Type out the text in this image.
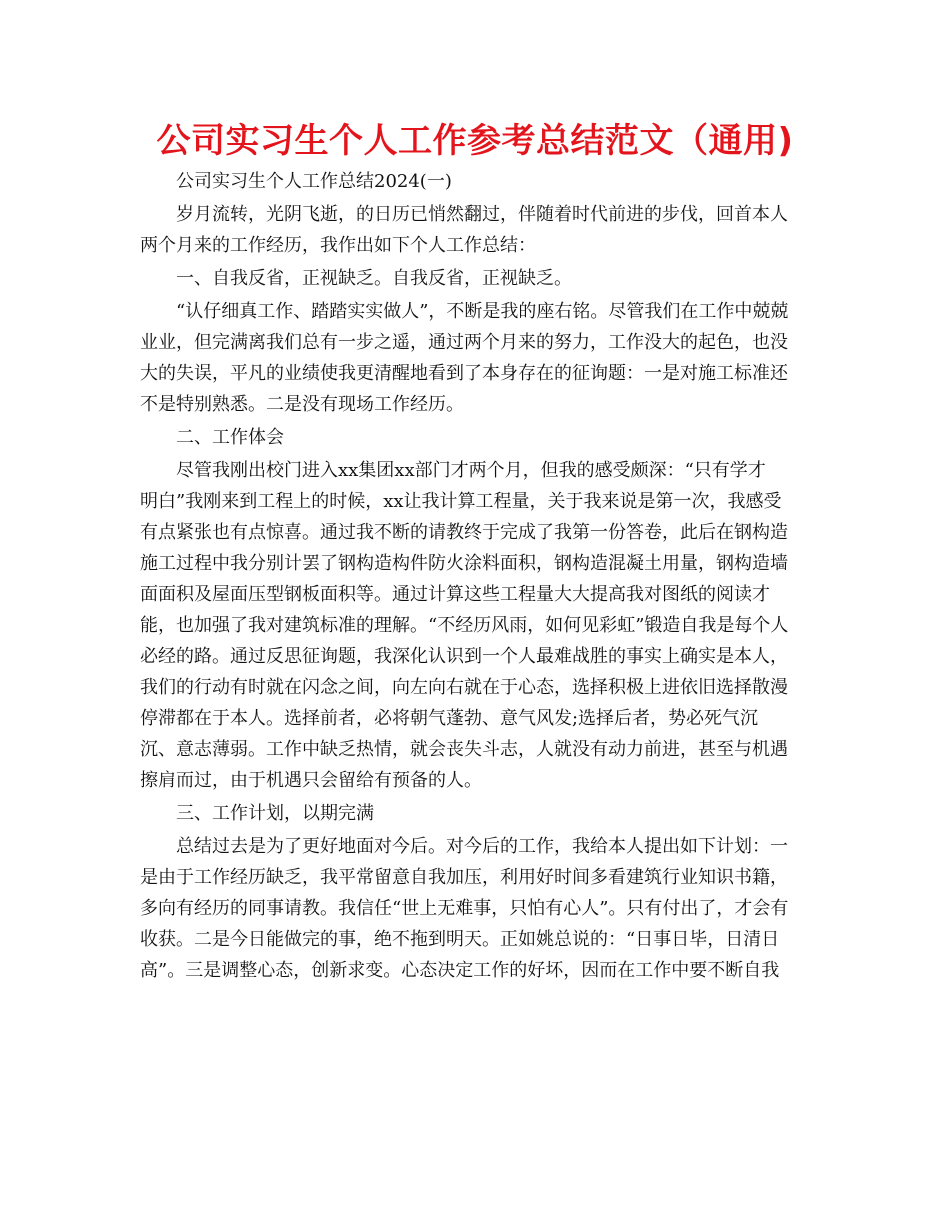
公司实习生个人工作参考总结范文（通用)
公司实习生个人工作总结2024(一)
岁月流转，光阴飞逝，的日历已悄然翻过，伴随着时代前进的步伐，回首本人
两个月来的工作经历，我作出如下个人工作总结：
一、自我反省，正视缺乏。自我反省，正视缺乏。
“认仔细真工作、踏踏实实做人”，不断是我的座右铭。尽管我们在工作中兢兢
业业，但完满离我们总有一步之遥，通过两个月来的努力，工作没大的起色，也没
大的失误，平凡的业绩使我更清醒地看到了本身存在的征询题：一是对施工标准还
不是特别熟悉。二是没有现场工作经历。
二、工作体会
尽管我刚出校门进入xx集团xx部门才两个月，但我的感受颇深：“只有学才
明白”我刚来到工程上的时候，xx让我计算工程量，关于我来说是第一次，我感受
有点紧张也有点惊喜。通过我不断的请教终于完成了我第一份答卷，此后在钢构造
施工过程中我分别计罢了钢构造构件防火涂料面积，钢构造混凝土用量，钢构造墙
面面积及屋面压型钢板面积等。通过计算这些工程量大大提高我对图纸的阅读才
能，也加强了我对建筑标准的理解。“不经历风雨，如何见彩虹”锻造自我是每个人
必经的路。通过反思征询题，我深化认识到一个人最难战胜的事实上确实是本人，
我们的行动有时就在闪念之间，向左向右就在于心态，选择积极上进依旧选择散漫
停滞都在于本人。选择前者，必将朝气蓬勃、意气风发;选择后者，势必死气沉
沉、意志薄弱。工作中缺乏热情，就会丧失斗志，人就没有动力前进，甚至与机遇
擦肩而过，由于机遇只会留给有预备的人。
三、工作计划，以期完满
总结过去是为了更好地面对今后。对今后的工作，我给本人提出如下计划：一
是由于工作经历缺乏，我平常留意自我加压，利用好时间多看建筑行业知识书籍，
多向有经历的同事请教。我信任“世上无难事，只怕有心人”。只有付出了，才会有
收获。二是今日能做完的事，绝不拖到明天。正如姚总说的：“日事日毕，日清日
高”。三是调整心态，创新求变。心态决定工作的好坏，因而在工作中要不断自我
